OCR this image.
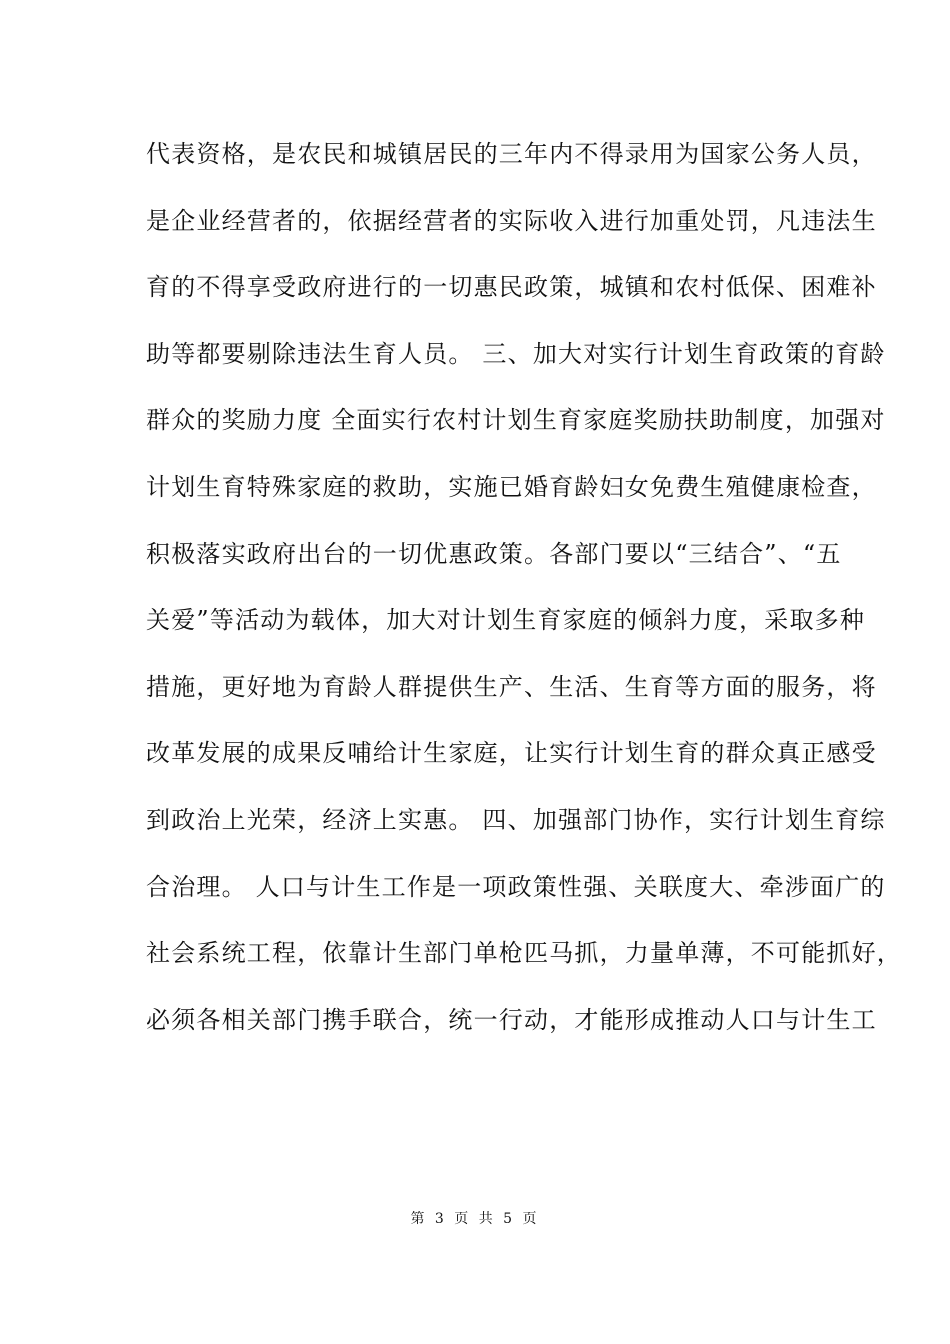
代表资格，是农民和城镇居民的三年内不得录用为国家公务人员，
是企业经营者的，依据经营者的实际收入进行加重处罚，凡违法生
育的不得享受政府进行的一切惠民政策，城镇和农村低保、困难补
助等都要剔除违法生育人员。 三、加大对实行计划生育政策的育龄
群众的奖励力度 全面实行农村计划生育家庭奖励扶助制度，加强对
计划生育特殊家庭的救助，实施已婚育龄妇女免费生殖健康检查，
积极落实政府出台的一切优惠政策。各部门要以“三结合”、“五
关爱”等活动为载体，加大对计划生育家庭的倾斜力度，采取多种
措施，更好地为育龄人群提供生产、生活、生育等方面的服务，将
改革发展的成果反哺给计生家庭，让实行计划生育的群众真正感受
到政治上光荣，经济上实惠。 四、加强部门协作，实行计划生育综
合治理。 人口与计生工作是一项政策性强、关联度大、牵涉面广的
社会系统工程，依靠计生部门单枪匹马抓，力量单薄，不可能抓好，
必须各相关部门携手联合，统一行动，才能形成推动人口与计生工
第 3 页 共 5 页
